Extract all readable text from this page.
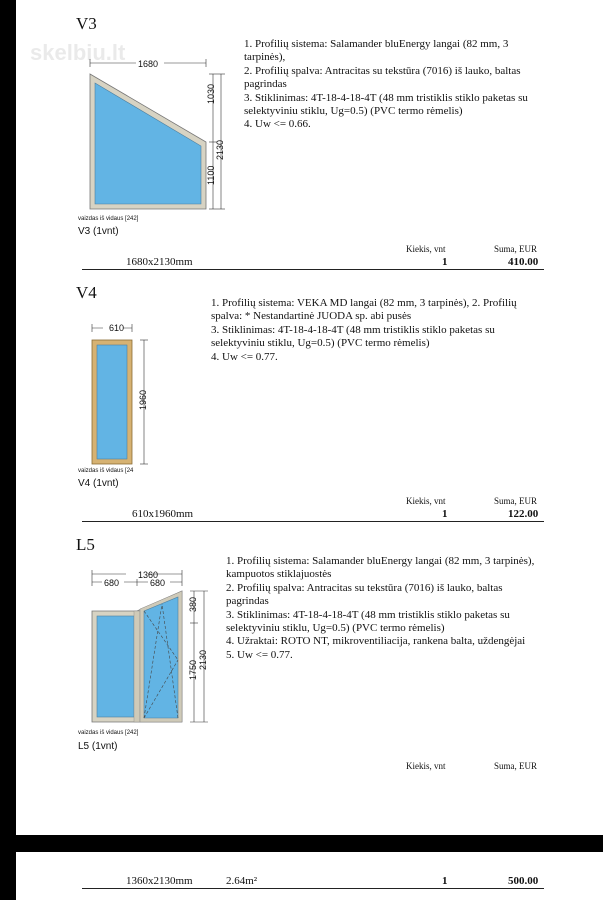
skelbiu.lt
V3
1680
1030
2130
1100
vaizdas iš vidaus [242]
V3 (1vnt)
1. Profilių sistema: Salamander bluEnergy langai (82 mm, 3
tarpinės),
2. Profilių spalva: Antracitas su tekstūra (7016) iš lauko, baltas
pagrindas
3. Stiklinimas: 4T-18-4-18-4T (48 mm tristiklis stiklo paketas su
selektyviniu stiklu, Ug=0.5) (PVC termo rėmelis)
4. Uw <= 0.66.
Kiekis, vnt	Suma, EUR
1680x2130mm	1	410.00
V4
610
1960
vaizdas iš vidaus [24
V4 (1vnt)
1. Profilių sistema: VEKA MD langai (82 mm, 3 tarpinės), 2. Profilių
spalva: * Nestandartinė JUODA sp. abi pusės
3. Stiklinimas: 4T-18-4-18-4T (48 mm tristiklis stiklo paketas su
selektyviniu stiklu, Ug=0.5) (PVC termo rėmelis)
4. Uw <= 0.77.
Kiekis, vnt	Suma, EUR
610x1960mm	1	122.00
L5
1360
680	680
380
1750 2130
vaizdas iš vidaus [242]
L5 (1vnt)
1. Profilių sistema: Salamander bluEnergy langai (82 mm, 3 tarpinės),
kampuotos stiklajuostės
2. Profilių spalva: Antracitas su tekstūra (7016) iš lauko, baltas
pagrindas
3. Stiklinimas: 4T-18-4-18-4T (48 mm tristiklis stiklo paketas su
selektyviniu stiklu, Ug=0.5) (PVC termo rėmelis)
4. Užraktai: ROTO NT, mikroventiliacija, rankena balta, uždengėjai
5. Uw <= 0.77.
Kiekis, vnt	Suma, EUR
1360x2130mm	2.64m²	1	500.00
